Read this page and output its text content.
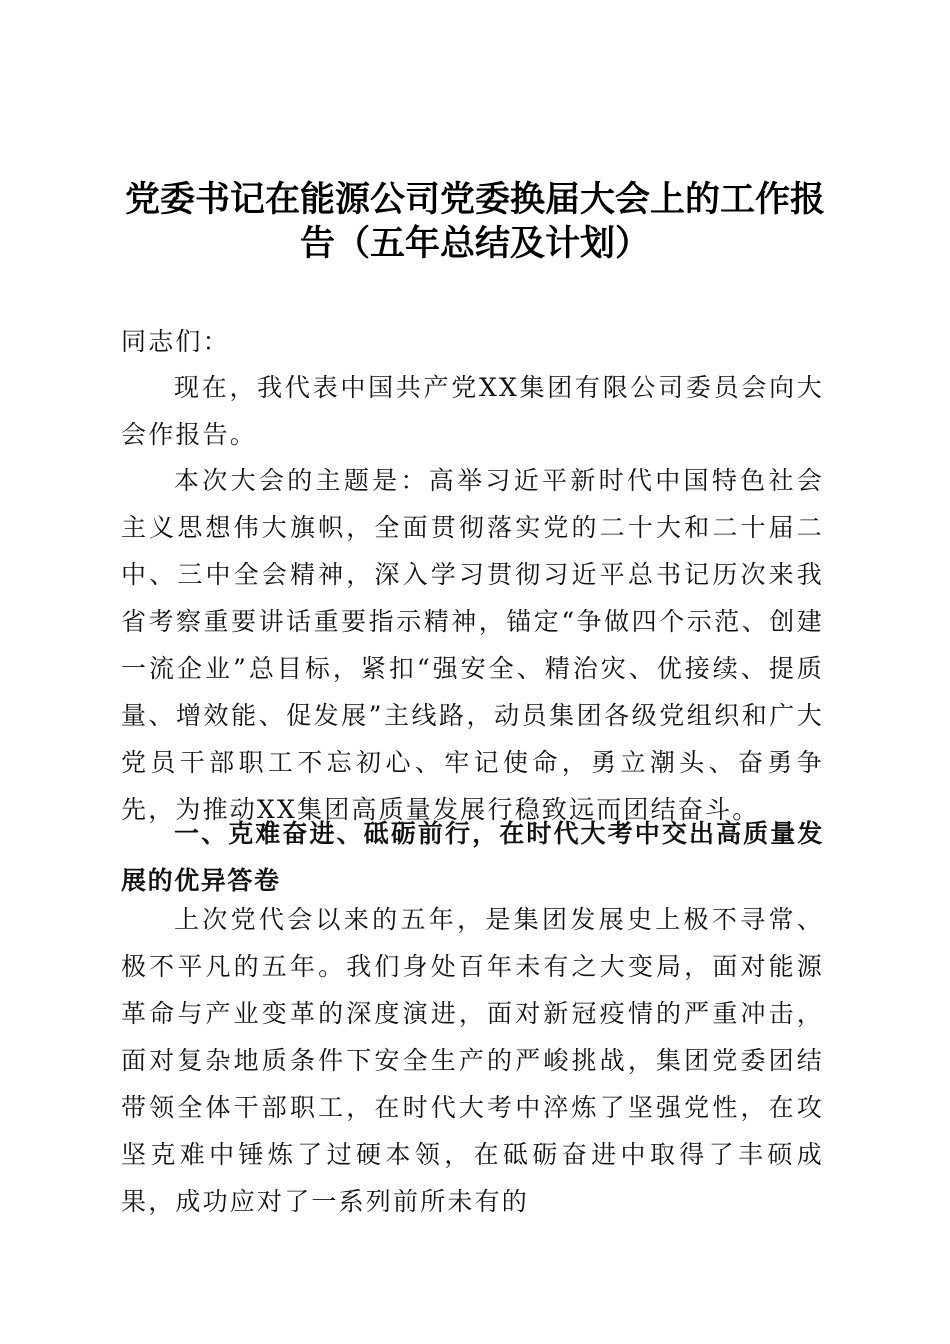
党委书记在能源公司党委换届大会上的工作报
告（五年总结及计划）

同志们：

现在，我代表中国共产党XX集团有限公司委员会向大会作报告。

本次大会的主题是：高举习近平新时代中国特色社会主义思想伟大旗帜，全面贯彻落实党的二十大和二十届二中、三中全会精神，深入学习贯彻习近平总书记历次来我省考察重要讲话重要指示精神，锚定“争做四个示范、创建一流企业”总目标，紧扣“强安全、精治灾、优接续、提质量、增效能、促发展”主线路，动员集团各级党组织和广大党员干部职工不忘初心、牢记使命，勇立潮头、奋勇争先，为推动XX集团高质量发展行稳致远而团结奋斗。

一、克难奋进、砥砺前行，在时代大考中交出高质量发展的优异答卷

上次党代会以来的五年，是集团发展史上极不寻常、极不平凡的五年。我们身处百年未有之大变局，面对能源革命与产业变革的深度演进，面对新冠疫情的严重冲击，面对复杂地质条件下安全生产的严峻挑战，集团党委团结带领全体干部职工，在时代大考中淬炼了坚强党性，在攻坚克难中锤炼了过硬本领，在砥砺奋进中取得了丰硕成果，成功应对了一系列前所未有的
